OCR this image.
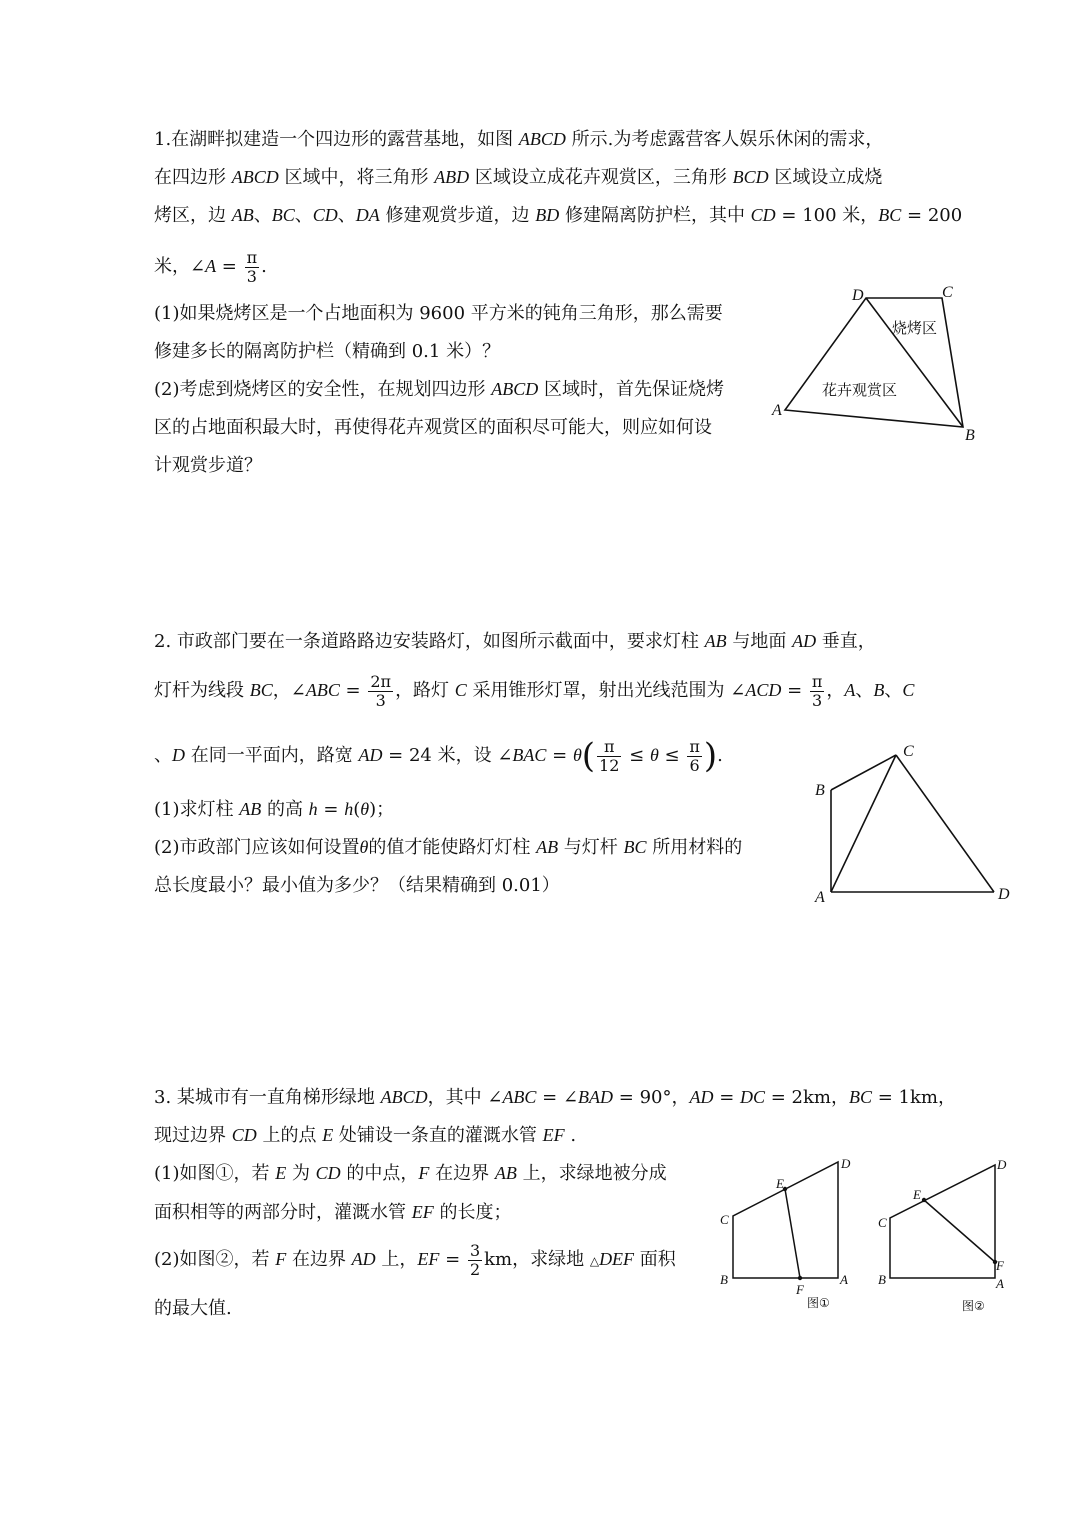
1.在湖畔拟建造一个四边形的露营基地，如图 ABCD 所示.为考虑露营客人娱乐休闲的需求，
在四边形 ABCD 区域中，将三角形 ABD 区域设立成花卉观赏区，三角形 BCD 区域设立成烧
烤区，边 AB、BC、CD、DA 修建观赏步道，边 BD 修建隔离防护栏，其中 CD = 100 米，BC = 200
米，∠A = $\frac{\pi}{3}$ .
(1)如果烧烤区是一个占地面积为 9600 平方米的钝角三角形，那么需要
修建多长的隔离防护栏（精确到 0.1 米）？
(2)考虑到烧烤区的安全性，在规划四边形 ABCD 区域时，首先保证烧烤
区的占地面积最大时，再使得花卉观赏区的面积尽可能大，则应如何设
计观赏步道？
A
B
C
D
烧烤区
花卉观赏区
2. 市政部门要在一条道路路边安装路灯，如图所示截面中，要求灯柱 AB 与地面 AD 垂直，
灯杆为线段 BC，∠ABC = $\frac{2\pi}{3}$ ，路灯 C 采用锥形灯罩，射出光线范围为 ∠ACD = $\frac{\pi}{3}$ ，A、B、C
、D 在同一平面内，路宽 AD = 24 米，设 ∠BAC = $\theta( \frac{\pi}{12} \le \theta \le \frac{\pi}{6}$ ).
(1)求灯柱 AB 的高 h = h(θ)；
(2)市政部门应该如何设置θ的值才能使路灯灯柱 AB 与灯杆 BC 所用材料的
总长度最小？最小值为多少？（结果精确到 0.01）
A
B
C
D
3. 某城市有一直角梯形绿地 ABCD，其中 ∠ABC = ∠BAD = 90°，AD = DC = 2km，BC = 1km，
现过边界 CD 上的点 E 处铺设一条直的灌溉水管 EF .
(1)如图①，若 E 为 CD 的中点，F 在边界 AB 上，求绿地被分成
面积相等的两部分时，灌溉水管 EF 的长度；
(2)如图②，若 F 在边界 AD 上，EF = $\frac{3}{2}$ km，求绿地 △DEF 面积
的最大值.
B	A
C
D
E
F
图①
B	A
C
D
E
F
图②
